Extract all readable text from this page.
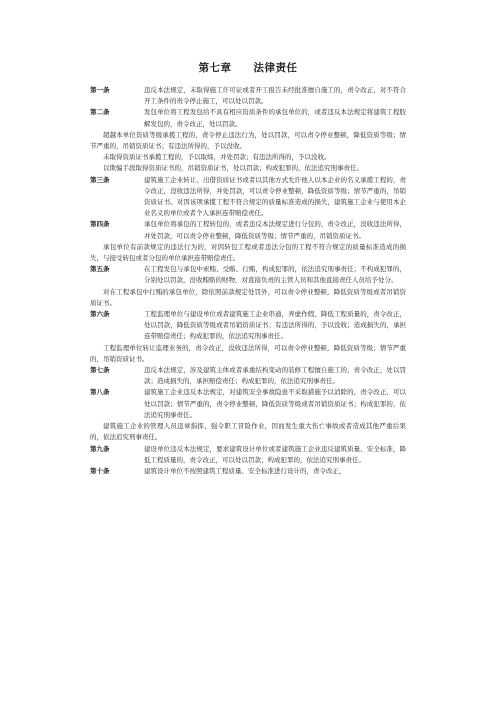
第七章　　法律责任
第一条	违反本法规定，未取得施工许可证或者开工报告未经批准擅自施工的，责令改正，对不符合开工条件的责令停止施工，可以处以罚款。
第二条	发包单位将工程发包给不具有相应资质条件的承包单位的，或者违反本法规定将建筑工程肢解发包的，责令改正，处以罚款。
超越本单位资质等级承揽工程的，责令停止违法行为，处以罚款，可以责令停业整顿，降低资质等级；情节严重的，吊销资质证书；有违法所得的，予以没收。
未取得资质证书承揽工程的，予以取缔，并处罚款；有违法所得的，予以没收。
以欺骗手段取得资质证书的，吊销资质证书，处以罚款；构成犯罪的，依法追究刑事责任。
第三条	建筑施工企业转让、出借资质证书或者以其他方式允许他人以本企业的名义承揽工程的，责令改正，没收违法所得，并处罚款，可以责令停业整顿，降低资质等级；情节严重的，吊销资质证书。对因该项承揽工程不符合规定的质量标准造成的损失，建筑施工企业与使用本企业名义的单位或者个人承担连带赔偿责任。
第四条	承包单位将承包的工程转包的，或者违反本法规定进行分包的，责令改正，没收违法所得，并处罚款，可以责令停业整顿，降低资质等级；情节严重的，吊销资质证书。
承包单位有前款规定的违法行为的，对因转包工程或者违法分包的工程不符合规定的质量标准造成的损失，与接受转包或者分包的单位承担连带赔偿责任。
第五条	在工程发包与承包中索贿、受贿、行贿，构成犯罪的，依法追究刑事责任；不构成犯罪的，分别处以罚款，没收贿赂的财物，对直接负责的主管人员和其他直接责任人员给予处分。
对在工程承包中行贿的承包单位，除依照前款规定处罚外，可以责令停业整顿，降低资质等级或者吊销资质证书。
第六条	工程监理单位与建设单位或者建筑施工企业串通，弄虚作假、降低工程质量的，责令改正，处以罚款，降低资质等级或者吊销资质证书；有违法所得的，予以没收；造成损失的，承担连带赔偿责任；构成犯罪的，依法追究刑事责任。
工程监理单位转让监理业务的，责令改正，没收违法所得，可以责令停业整顿，降低资质等级；情节严重的，吊销资质证书。
第七条	违反本法规定，涉及建筑主体或者承重结构变动的装修工程擅自施工的，责令改正，处以罚款；造成损失的，承担赔偿责任；构成犯罪的，依法追究刑事责任。
第八条	建筑施工企业违反本法规定，对建筑安全事故隐患不采取措施予以消除的，责令改正，可以处以罚款；情节严重的，责令停业整顿，降低资质等级或者吊销资质证书；构成犯罪的，依法追究刑事责任。
建筑施工企业的管理人员违章指挥、强令职工冒险作业，因而发生重大伤亡事故或者造成其他严重后果的，依法追究刑事责任。
第九条	建设单位违反本法规定，要求建筑设计单位或者建筑施工企业违反建筑质量、安全标准，降低工程质量的，责令改正，可以处以罚款；构成犯罪的，依法追究刑事责任。
第十条	建筑设计单位不按照建筑工程质量、安全标准进行设计的，责令改正，
